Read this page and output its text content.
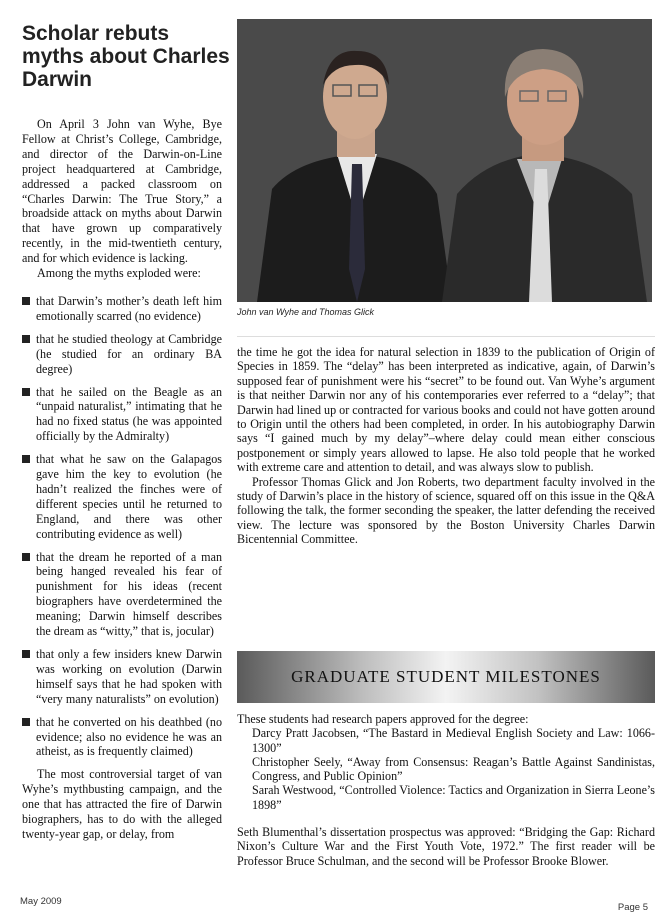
Scholar rebuts myths about Charles Darwin

On April 3 John van Wyhe, Bye Fellow at Christ’s College, Cambridge, and director of the Darwin-on-Line project headquartered at Cambridge, addressed a packed classroom on “Charles Darwin: The True Story,” a broadside attack on myths about Darwin that have grown up comparatively recently, in the mid-twentieth century, and for which evidence is lacking.

Among the myths exploded were:

that Darwin’s mother’s death left him emotionally scarred (no evidence)
that he studied theology at Cambridge (he studied for an ordinary BA degree)
that he sailed on the Beagle as an “unpaid naturalist,” intimating that he had no fixed status (he was appointed officially by the Admiralty)
that what he saw on the Galapagos gave him the key to evolution (he hadn’t realized the finches were of different species until he returned to England, and there was other contributing evidence as well)
that the dream he reported of a man being hanged revealed his fear of punishment for his ideas (recent biographers have overdetermined the meaning; Darwin himself describes the dream as “witty,” that is, jocular)
that only a few insiders knew Darwin was working on evolution (Darwin himself says that he had spoken with “very many naturalists” on evolution)
that he converted on his deathbed (no evidence; also no evidence he was an atheist, as is frequently claimed)

The most controversial target of van Wyhe’s mythbusting campaign, and the one that has attracted the fire of Darwin biographers, has to do with the alleged twenty-year gap, or delay, from

John van Wyhe and Thomas Glick

the time he got the idea for natural selection in 1839 to the publication of Origin of Species in 1859. The “delay” has been interpreted as indicative, again, of Darwin’s supposed fear of punishment were his “secret” to be found out. Van Wyhe’s argument is that neither Darwin nor any of his contemporaries ever referred to a “delay”; that Darwin had lined up or contracted for various books and could not have gotten around to Origin until the others had been completed, in order. In his autobiography Darwin says “I gained much by my delay”–where delay could mean either conscious postponement or simply years allowed to lapse. He also told people that he worked with extreme care and attention to detail, and was always slow to publish.

Professor Thomas Glick and Jon Roberts, two department faculty involved in the study of Darwin’s place in the history of science, squared off on this issue in the Q&A following the talk, the former seconding the speaker, the latter defending the received view. The lecture was sponsored by the Boston University Charles Darwin Bicentennial Committee.

GRADUATE STUDENT MILESTONES

These students had research papers approved for the degree:

Darcy Pratt Jacobsen, “The Bastard in Medieval English Society and Law: 1066-1300”

Christopher Seely, “Away from Consensus: Reagan’s Battle Against Sandinistas, Congress, and Public Opinion”

Sarah Westwood, “Controlled Violence: Tactics and Organization in Sierra Leone’s 1898”

Seth Blumenthal’s dissertation prospectus was approved: “Bridging the Gap: Richard Nixon’s Culture War and the First Youth Vote, 1972.” The first reader will be Professor Bruce Schulman, and the second will be Professor Brooke Blower.

May 2009
Page 5
